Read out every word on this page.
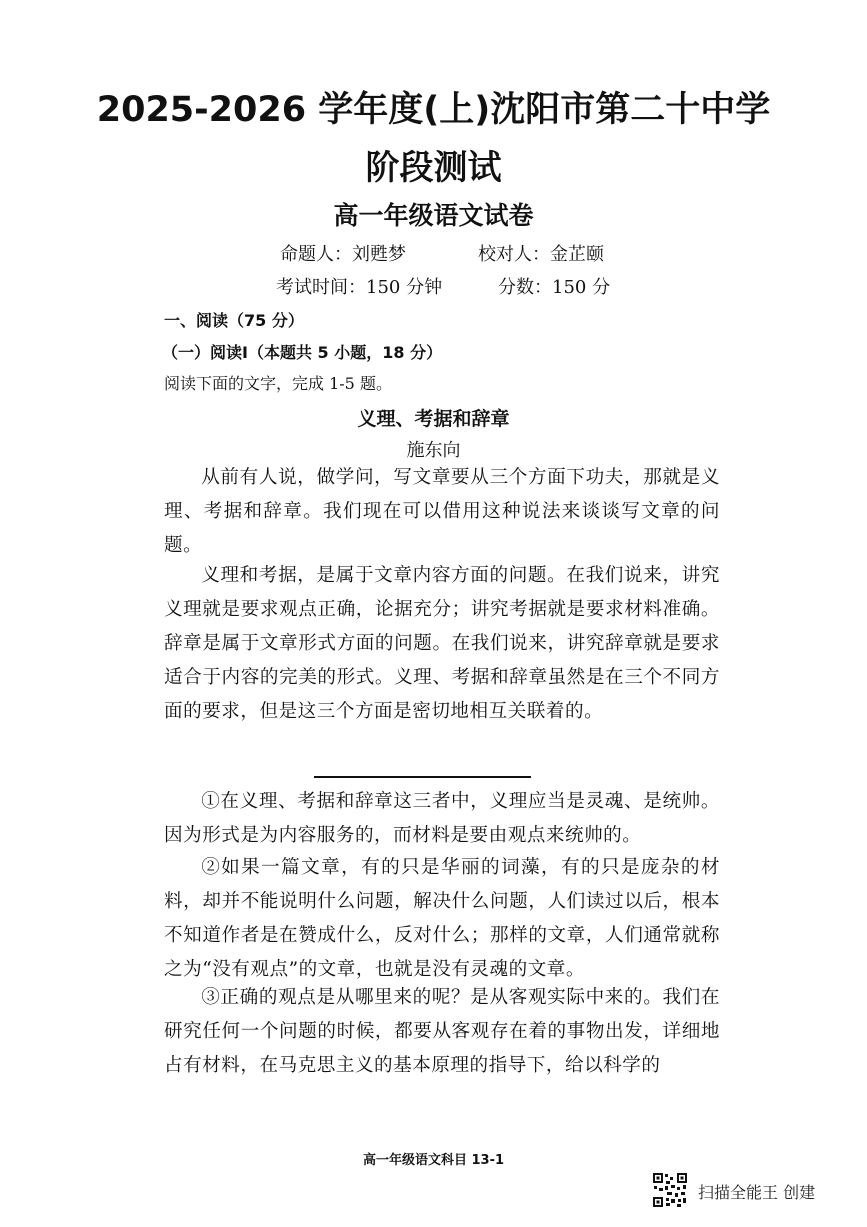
2025-2026 学年度(上)沈阳市第二十中学
阶段测试
高一年级语文试卷
命题人：刘甦梦	校对人：金芷颐
考试时间：150 分钟	分数：150 分
一、阅读（75 分）
（一）阅读Ⅰ（本题共 5 小题，18 分）
阅读下面的文字，完成 1-5 题。
义理、考据和辞章
施东向

从前有人说，做学问，写文章要从三个方面下功夫，那就是义理、考据和辞章。我们现在可以借用这种说法来谈谈写文章的问题。

义理和考据，是属于文章内容方面的问题。在我们说来，讲究义理就是要求观点正确，论据充分；讲究考据就是要求材料准确。辞章是属于文章形式方面的问题。在我们说来，讲究辞章就是要求适合于内容的完美的形式。义理、考据和辞章虽然是在三个不同方面的要求，但是这三个方面是密切地相互关联着的。

①在义理、考据和辞章这三者中，义理应当是灵魂、是统帅。因为形式是为内容服务的，而材料是要由观点来统帅的。

②如果一篇文章，有的只是华丽的词藻，有的只是庞杂的材料，却并不能说明什么问题，解决什么问题，人们读过以后，根本不知道作者是在赞成什么，反对什么；那样的文章，人们通常就称之为“没有观点”的文章，也就是没有灵魂的文章。

③正确的观点是从哪里来的呢？是从客观实际中来的。我们在研究任何一个问题的时候，都要从客观存在着的事物出发，详细地占有材料，在马克思主义的基本原理的指导下，给以科学的

高一年级语文科目 13-1
扫描全能王 创建
